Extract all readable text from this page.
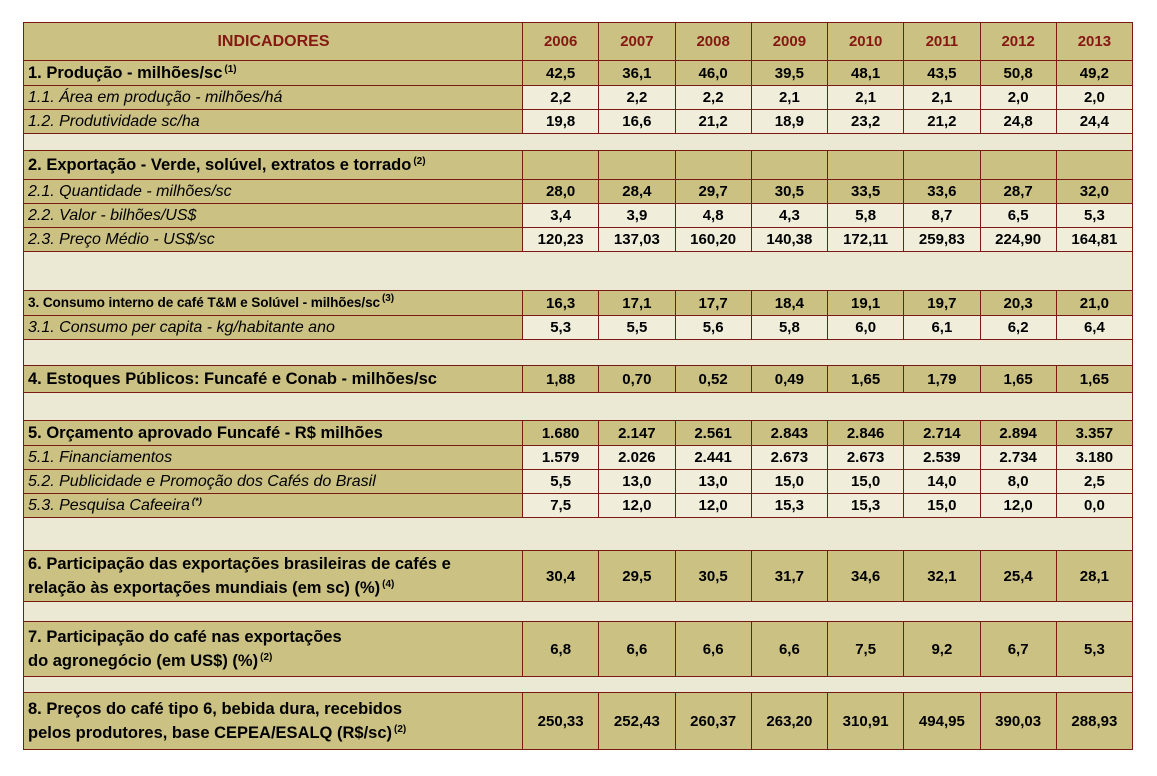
INDICADORES	2006	2007	2008	2009	2010	2011	2012	2013
1. Produção - milhões/sc $^{(1)}$	42,5	36,1	46,0	39,5	48,1	43,5	50,8	49,2
1.1. Área em produção - milhões/há	2,2	2,2	2,2	2,1	2,1	2,1	2,0	2,0
1.2. Produtividade sc/ha	19,8	16,6	21,2	18,9	23,2	21,2	24,8	24,4
2. Exportação - Verde, solúvel, extratos e torrado $^{(2)}$
2.1. Quantidade - milhões/sc	28,0	28,4	29,7	30,5	33,5	33,6	28,7	32,0
2.2. Valor - bilhões/US$	3,4	3,9	4,8	4,3	5,8	8,7	6,5	5,3
2.3. Preço Médio - US$/sc	120,23	137,03	160,20	140,38	172,11	259,83	224,90	164,81
3. Consumo interno de café T&M e Solúvel - milhões/sc $^{(3)}$	16,3	17,1	17,7	18,4	19,1	19,7	20,3	21,0
3.1. Consumo per capita - kg/habitante ano	5,3	5,5	5,6	5,8	6,0	6,1	6,2	6,4
4. Estoques Públicos: Funcafé e Conab - milhões/sc	1,88	0,70	0,52	0,49	1,65	1,79	1,65	1,65
5. Orçamento aprovado Funcafé - R$ milhões	1.680	2.147	2.561	2.843	2.846	2.714	2.894	3.357
5.1. Financiamentos	1.579	2.026	2.441	2.673	2.673	2.539	2.734	3.180
5.2. Publicidade e Promoção dos Cafés do Brasil	5,5	13,0	13,0	15,0	15,0	14,0	8,0	2,5
5.3. Pesquisa Cafeeira (*)	7,5	12,0	12,0	15,3	15,3	15,0	12,0	0,0
6. Participação das exportações brasileiras de cafés e
relação às exportações mundiais (em sc) (%) $^{(4)}$	30,4	29,5	30,5	31,7	34,6	32,1	25,4	28,1
7. Participação do café nas exportações
do agronegócio (em US$) (%) $^{(2)}$	6,8	6,6	6,6	6,6	7,5	9,2	6,7	5,3
8. Preços do café tipo 6, bebida dura, recebidos
pelos produtores, base CEPEA/ESALQ (R$/sc) $^{(2)}$	250,33	252,43	260,37	263,20	310,91	494,95	390,03	288,93
